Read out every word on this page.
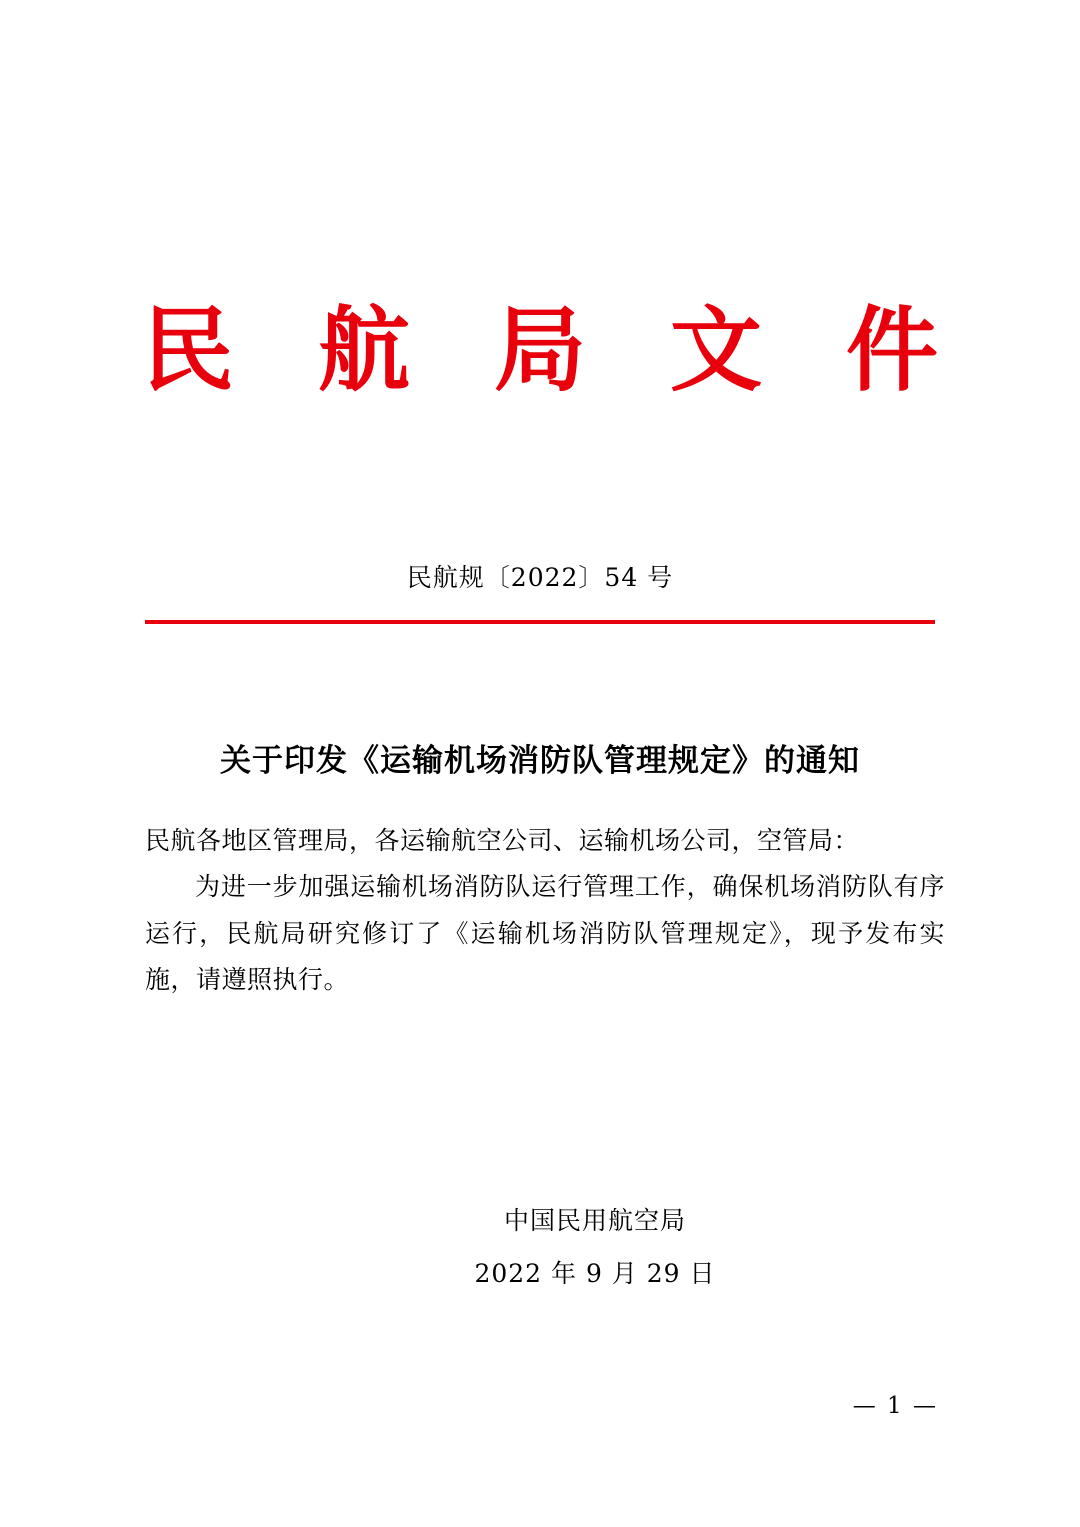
民 航 局 文 件
民航规〔2022〕54 号
关于印发《运输机场消防队管理规定》的通知

民航各地区管理局，各运输航空公司、运输机场公司，空管局：

为进一步加强运输机场消防队运行管理工作，确保机场消防队有序运行，民航局研究修订了《运输机场消防队管理规定》，现予发布实施，请遵照执行。

中国民用航空局
2022 年 9 月 29 日
— 1 —
